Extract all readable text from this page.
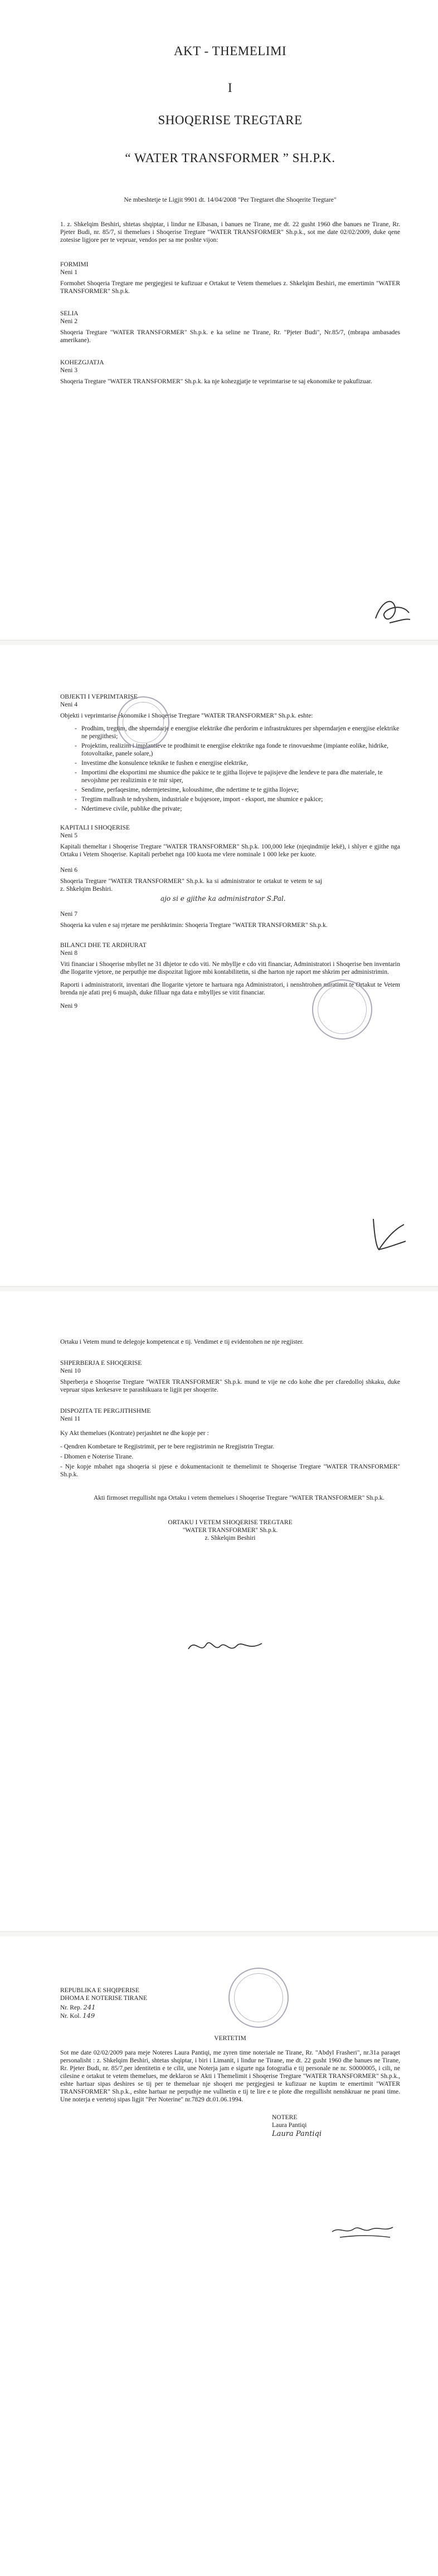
AKT - THEMELIMI
I
SHOQERISE TREGTARE
“ WATER TRANSFORMER ” SH.P.K.

Ne mbeshtetje te Ligjit 9901 dt. 14/04/2008 "Per Tregtaret dhe Shoqerite Tregtare"

1. z. Shkelqim Beshiri, shtetas shqiptar, i lindur ne Elbasan, i banues ne Tirane, me dt. 22 gusht 1960 dhe banues ne Tirane, Rr. Pjeter Budi, nr. 85/7, si themelues i Shoqerise Tregtare "WATER TRANSFORMER" Sh.p.k., sot me date 02/02/2009, duke qene zotesise ligjore per te vepruar, vendos per sa me poshte vijon:

FORMIMI
Neni 1

Formohet Shoqeria Tregtare me pergjegjesi te kufizuar e Ortakut te Vetem themelues z. Shkelqim Beshiri, me emertimin "WATER TRANSFORMER" Sh.p.k.

SELIA
Neni 2

Shoqeria Tregtare "WATER TRANSFORMER" Sh.p.k. e ka seline ne Tirane, Rr. "Pjeter Budi", Nr.85/7, (mbrapa ambasades amerikane).

KOHEZGJATJA
Neni 3

Shoqeria Tregtare "WATER TRANSFORMER" Sh.p.k. ka nje kohezgjatje te veprimtarise te saj ekonomike te pakufizuar.

OBJEKTI I VEPRIMTARISE
Neni 4

Objekti i veprimtarise ekonomike i Shoqerise Tregtare "WATER TRANSFORMER" Sh.p.k. eshte:

- Prodhim, tregtim, dhe shperndarje e energjise elektrike dhe perdorim e infrastruktures per shperndarjen e energjise elektrike ne pergjithesi;
- Projektim, realizim i implantieve te prodhimit te energjise elektrike nga fonde te rinovueshme (impiante eolike, hidrike, fotovoltaike, panele solare,)
- Investime dhe konsulence teknike te fushen e energjise elektrike,
- Importimi dhe eksportimi me shumice dhe pakice te te gjitha llojeve te pajisjeve dhe lendeve te para dhe materiale, te nevojshme per realizimin e te mir siper,
- Sendime, perfaqesime, ndermjetesime, koloushime, dhe ndertime te te gjitha llojeve;
- Tregtim mallrash te ndryshem, industriale e bujqesore, import - eksport, me shumice e pakice;
- Ndertimeve civile, publike dhe private;
KAPITALI I SHOQERISE
Neni 5

Kapitali themeltar i Shoqerise Tregtare "WATER TRANSFORMER" Sh.p.k. 100,000 leke (njeqindmije lekë), i shlyer e gjithe nga Ortaku i Vetem Shoqerise. Kapitali perbehet nga 100 kuota me vlere nominale 1 000 leke per kuote.

Neni 6

Shoqeria Tregtare "WATER TRANSFORMER" Sh.p.k. ka si administrator te ortakut te vetem te saj z. Shkelqim Beshiri.

ajo si e gjithe ka administrator S.Pal.
Neni 7

Shoqeria ka vulen e saj rrjetare me pershkrimin: Shoqeria Tregtare "WATER TRANSFORMER" Sh.p.k.

BILANCI DHE TE ARDHURAT
Neni 8

Viti financiar i Shoqerise mbyllet ne 31 dhjetor te cdo viti. Ne mbyllje e cdo viti financiar, Administratori i Shoqerise ben inventarin dhe llogarite vjetore, ne perputhje me dispozitat ligjore mbi kontabilitetin, si dhe harton nje raport me shkrim per administrimin.

Raporti i administratorit, inventari dhe llogarite vjetore te hartuara nga Administratori, i nenshtrohen miratimit te Ortakut te Vetem brenda nje afati prej 6 muajsh, duke filluar nga data e mbylljes se vitit financiar.

Neni 9

Ortaku i Vetem mund te delegoje kompetencat e tij. Vendimet e tij evidentohen ne nje regjister.

SHPERBERJA E SHOQERISE
Neni 10

Shperberja e Shoqerise Tregtare "WATER TRANSFORMER" Sh.p.k. mund te vije ne cdo kohe dhe per cfaredolloj shkaku, duke vepruar sipas kerkesave te parashikuara te ligjit per shoqerite.

DISPOZITA TE PERGJITHSHME
Neni 11

Ky Akt themelues (Kontrate) perjashtet ne dhe kopje per :

- Qendren Kombetare te Regjistrimit, per te bere regjistrimin ne Rregjistrin Tregtar.

- Dhomen e Noterise Tirane.

- Nje kopje mbahet nga shoqeria si pjese e dokumentacionit te themelimit te Shoqerise Tregtare "WATER TRANSFORMER" Sh.p.k.

Akti firmoset rregullisht nga Ortaku i vetem themelues i Shoqerise Tregtare "WATER TRANSFORMER" Sh.p.k.

ORTAKU I VETEM SHOQERISE TREGTARE
"WATER TRANSFORMER" Sh.p.k.
z. Shkelqim Beshiri
REPUBLIKA E SHQIPERISE
DHOMA E NOTERISE TIRANE
Nr. Rep. 241
Nr. Kol. 149
VERTETIM

Sot me date 02/02/2009 para meje Noteres Laura Pantiqi, me zyren time noteriale ne Tirane, Rr. "Abdyl Frasheri", nr.31a paraqet personalisht : z. Shkelqim Beshiri, shtetas shqiptar, i biri i Limanit, i lindur ne Tirane, me dt. 22 gusht 1960 dhe banues ne Tirane, Rr. Pjeter Budi, nr. 85/7,per identitetin e te cilit, une Noterja jam e sigurte nga fotografia e tij personale ne nr. S0000005, i cili, ne cilesine e ortakut te vetem themelues, me deklaron se Akti i Themelimit i Shoqerise Tregtare "WATER TRANSFORMER" Sh.p.k., eshte hartuar sipas deshires se tij per te themeluar nje shoqeri me pergjegjesi te kufizuar ne kuptim te emertimit "WATER TRANSFORMER" Sh.p.k., eshte hartuar ne perputhje me vullnetin e tij te lire e te plote dhe rregullisht nenshkruar ne prani time. Une noterja e vertetoj sipas ligjit "Per Noterine" nr.7829 dt.01.06.1994.

NOTERE
Laura Pantiqi
Laura Pantiqi
